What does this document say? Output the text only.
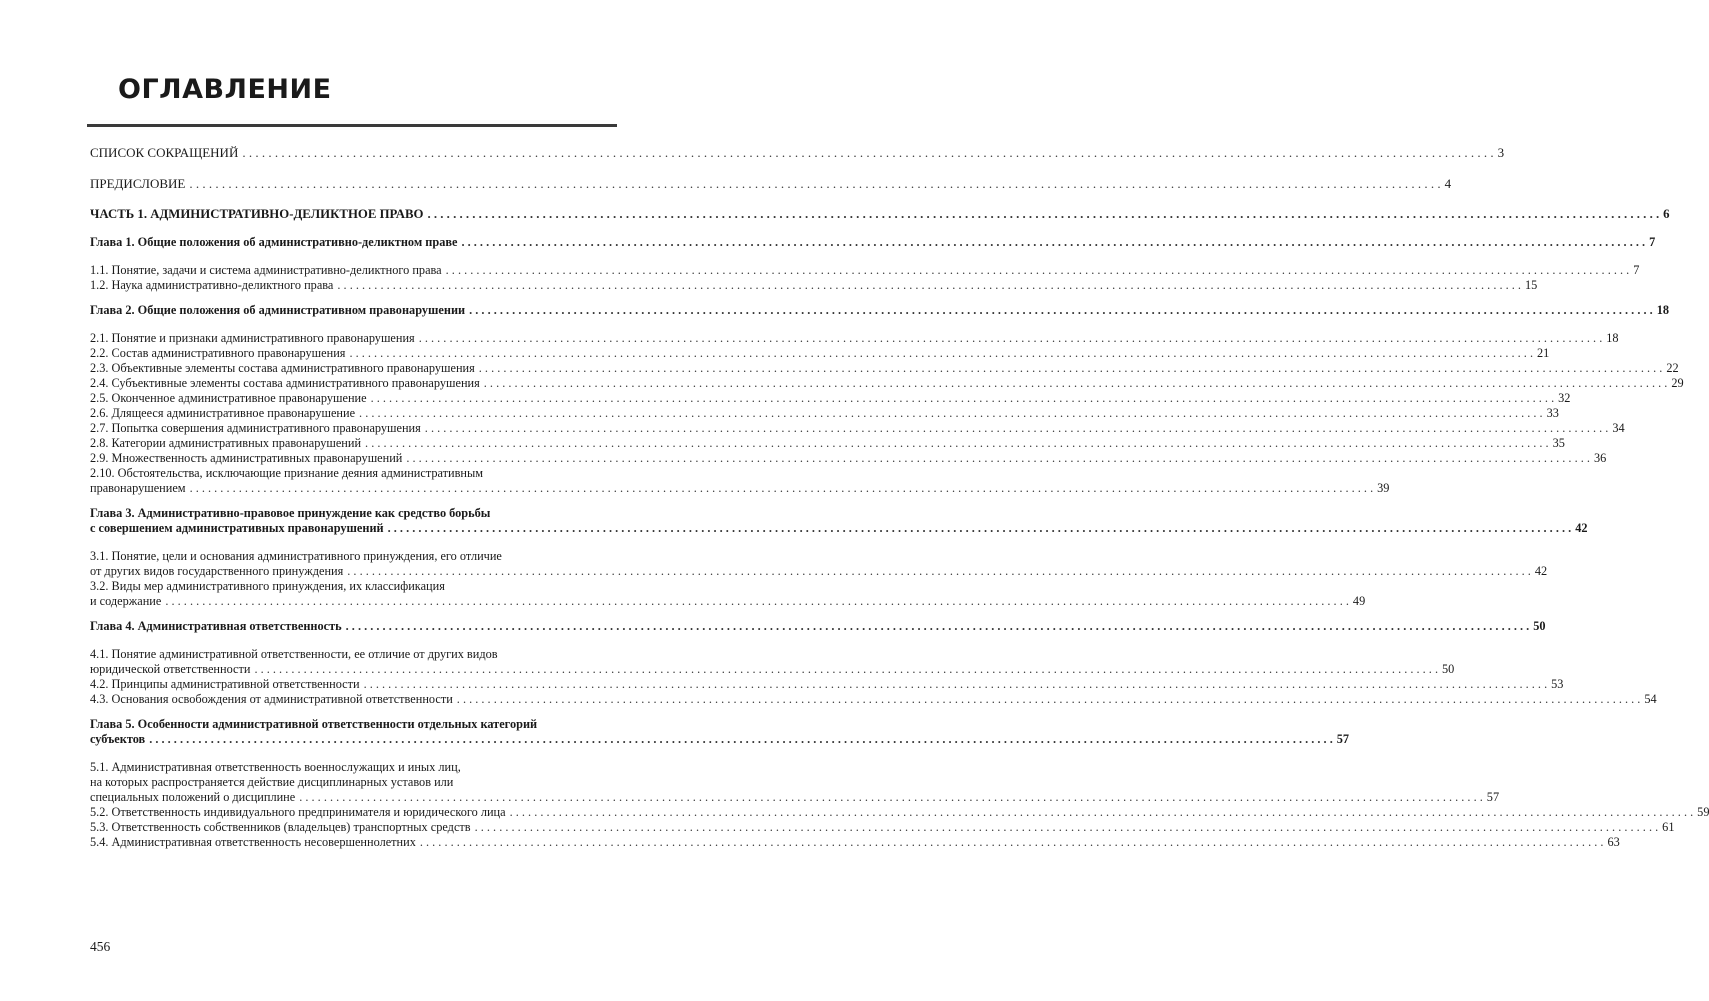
ОГЛАВЛЕНИЕ
СПИСОК СОКРАЩЕНИЙ . . .	3
ПРЕДИСЛОВИЕ . . .	4
ЧАСТЬ 1. АДМИНИСТРАТИВНО-ДЕЛИКТНОЕ ПРАВО . . .	6
Глава 1. Общие положения об административно-деликтном праве . . .	7
1.1. Понятие, задачи и система административно-деликтного права . . .	7
1.2. Наука административно-деликтного права . . .	15
Глава 2. Общие положения об административном правонарушении . . .	18
2.1. Понятие и признаки административного правонарушения . . .	18
2.2. Состав административного правонарушения . . .	21
2.3. Объективные элементы состава административного правонарушения . . .	22
2.4. Субъективные элементы состава административного правонарушения . . .	29
2.5. Оконченное административное правонарушение . . .	32
2.6. Длящееся административное правонарушение . . .	33
2.7. Попытка совершения административного правонарушения . . .	34
2.8. Категории административных правонарушений . . .	35
2.9. Множественность административных правонарушений . . .	36
2.10. Обстоятельства, исключающие признание деяния административным
правонарушением . . .	39
Глава 3. Административно-правовое принуждение как средство борьбы
с совершением административных правонарушений . . .	42
3.1. Понятие, цели и основания административного принуждения, его отличие
от других видов государственного принуждения . . .	42
3.2. Виды мер административного принуждения, их классификация
и содержание . . .	49
Глава 4. Административная ответственность . . .	50
4.1. Понятие административной ответственности, ее отличие от других видов
юридической ответственности . . .	50
4.2. Принципы административной ответственности . . .	53
4.3. Основания освобождения от административной ответственности . . .	54
Глава 5. Особенности административной ответственности отдельных категорий
субъектов . . .	57
5.1. Административная ответственность военнослужащих и иных лиц,
на которых распространяется действие дисциплинарных уставов или
специальных положений о дисциплине . . .	57
5.2. Ответственность индивидуального предпринимателя и юридического лица . . .	59
5.3. Ответственность собственников (владельцев) транспортных средств . . .	61
5.4. Административная ответственность несовершеннолетних . . .	63
456
